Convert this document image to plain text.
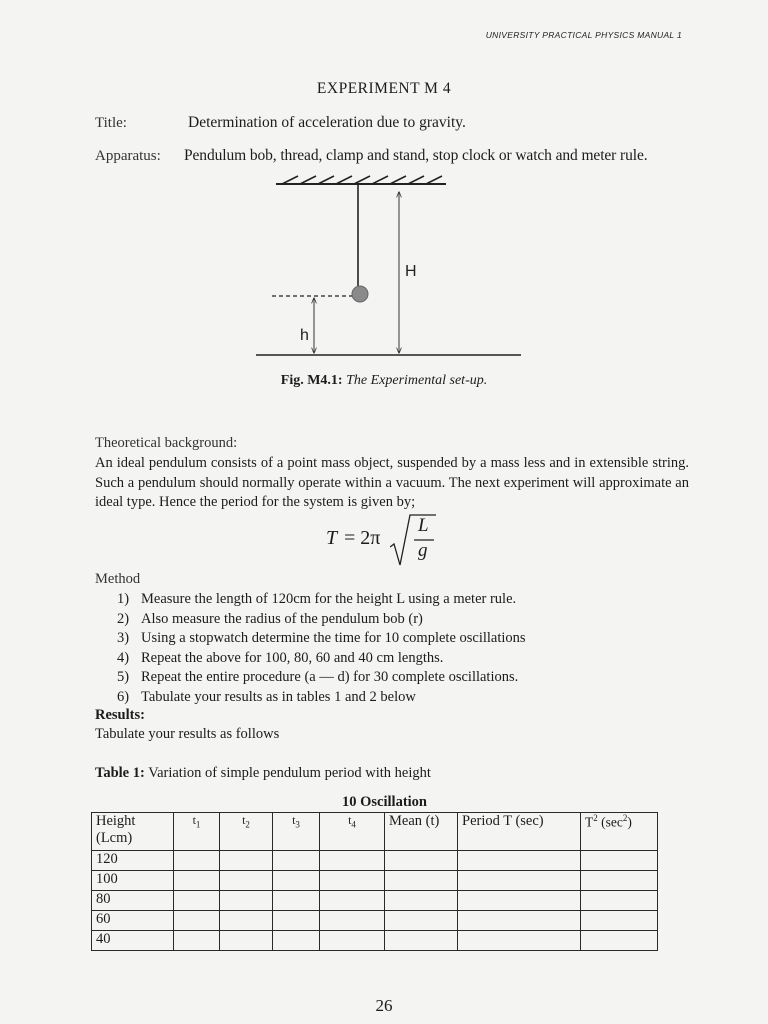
UNIVERSITY PRACTICAL PHYSICS MANUAL 1
EXPERIMENT M 4
Title:	Determination of acceleration due to gravity.
Apparatus: Pendulum bob, thread, clamp and stand, stop clock or watch and meter rule.
H
h
Fig. M4.1: The Experimental set-up.
Theoretical background:
An ideal pendulum consists of a point mass object, suspended by a mass less and in extensible string. Such a pendulum should normally operate within a vacuum. The next experiment will approximate an ideal type. Hence the period for the system is given by;
T = 2π
L
g
Method
1) Measure the length of 120cm for the height L using a meter rule.
2) Also measure the radius of the pendulum bob (r)
3) Using a stopwatch determine the time for 10 complete oscillations
4) Repeat the above for 100, 80, 60 and 40 cm lengths.
5) Repeat the entire procedure (a — d) for 30 complete oscillations.
6) Tabulate your results as in tables 1 and 2 below
Results:
Tabulate your results as follows
Table 1: Variation of simple pendulum period with height
10 Oscillation
Height (Lcm)	$t_1$	$t_2$	$t_3$	$t_4$	Mean (t)	Period T (sec)	$T^2$ $(\sec^2)$
120							
100							
80							
60							
40							
26
